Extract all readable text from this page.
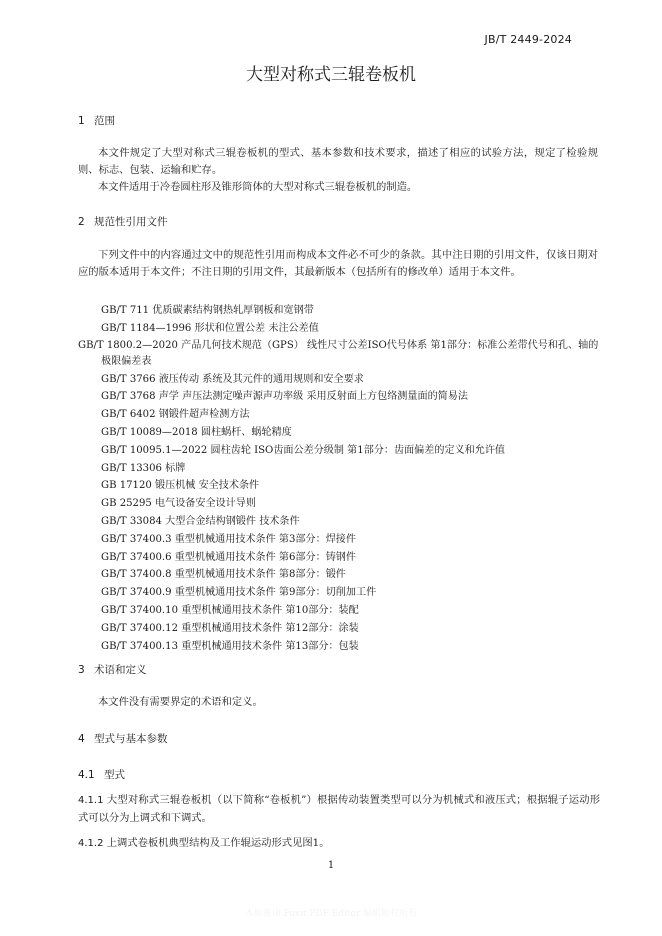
JB/T 2449-2024
大型对称式三辊卷板机
1 范围
本文件规定了大型对称式三辊卷板机的型式、基本参数和技术要求，描述了相应的试验方法，规定了检验规则、标志、包装、运输和贮存。
本文件适用于冷卷圆柱形及锥形筒体的大型对称式三辊卷板机的制造。
2 规范性引用文件
下列文件中的内容通过文中的规范性引用而构成本文件必不可少的条款。其中注日期的引用文件，仅该日期对应的版本适用于本文件；不注日期的引用文件，其最新版本（包括所有的修改单）适用于本文件。
GB/T 711 优质碳素结构钢热轧厚钢板和宽钢带
GB/T 1184—1996 形状和位置公差 未注公差值
GB/T 1800.2—2020 产品几何技术规范（GPS） 线性尺寸公差ISO代号体系 第1部分：标准公差带代号和孔、轴的极限偏差表
GB/T 3766 液压传动 系统及其元件的通用规则和安全要求
GB/T 3768 声学 声压法测定噪声源声功率级 采用反射面上方包络测量面的简易法
GB/T 6402 钢锻件超声检测方法
GB/T 10089—2018 圆柱蜗杆、蜗轮精度
GB/T 10095.1—2022 圆柱齿轮 ISO齿面公差分级制 第1部分：齿面偏差的定义和允许值
GB/T 13306 标牌
GB 17120 锻压机械 安全技术条件
GB 25295 电气设备安全设计导则
GB/T 33084 大型合金结构钢锻件 技术条件
GB/T 37400.3 重型机械通用技术条件 第3部分：焊接件
GB/T 37400.6 重型机械通用技术条件 第6部分：铸钢件
GB/T 37400.8 重型机械通用技术条件 第8部分：锻件
GB/T 37400.9 重型机械通用技术条件 第9部分：切削加工件
GB/T 37400.10 重型机械通用技术条件 第10部分：装配
GB/T 37400.12 重型机械通用技术条件 第12部分：涂装
GB/T 37400.13 重型机械通用技术条件 第13部分：包装
3 术语和定义
本文件没有需要界定的术语和定义。
4 型式与基本参数
4.1 型式
4.1.1 大型对称式三辊卷板机（以下简称“卷板机”）根据传动装置类型可以分为机械式和液压式；根据辊子运动形式可以分为上调式和下调式。
4.1.2 上调式卷板机典型结构及工作辊运动形式见图1。
1
本标准由 Foxit PDF Editor 编辑版权所有
